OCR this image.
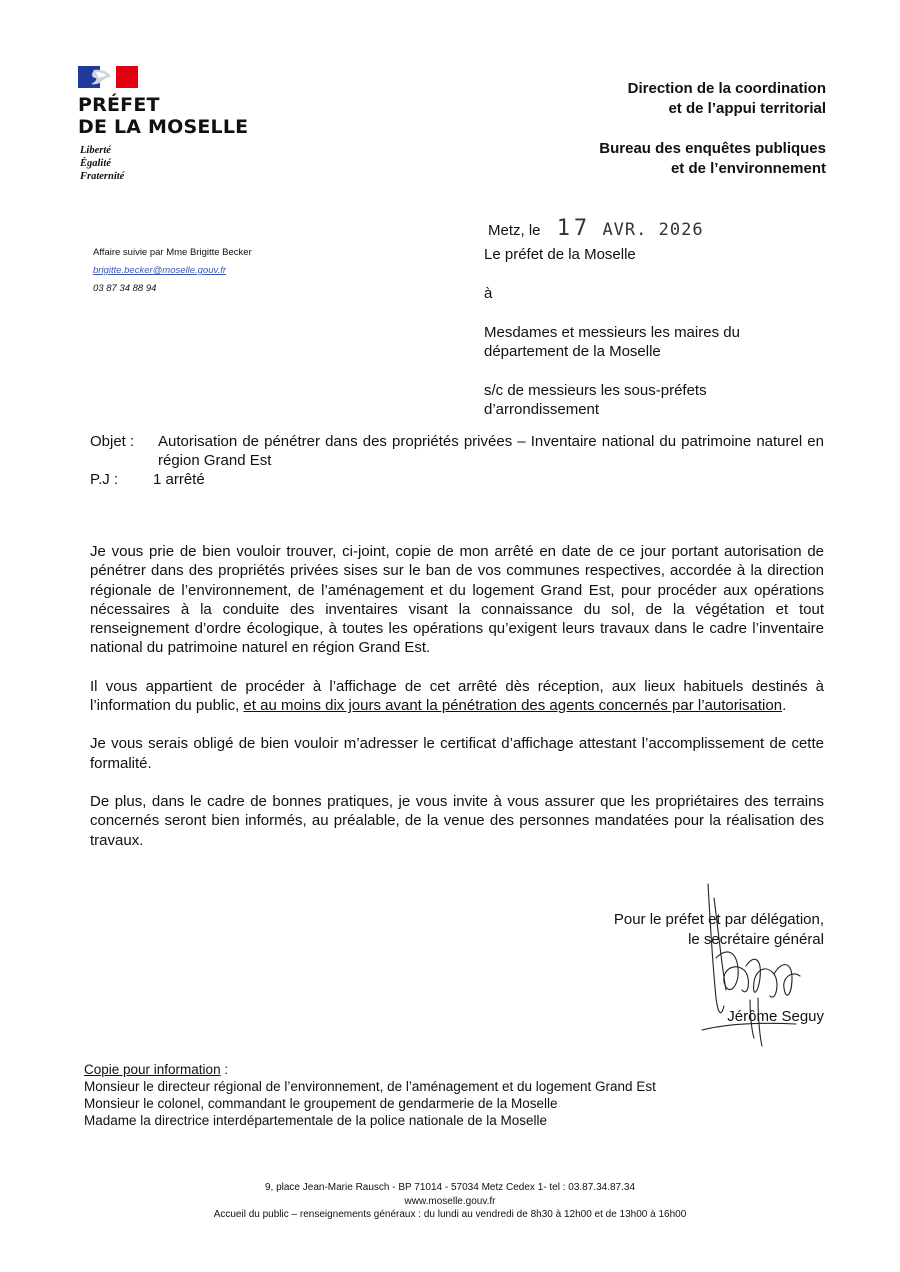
PRÉFET
DE LA MOSELLE
Liberté
Égalité
Fraternité
Direction de la coordination
et de l’appui territorial
Bureau des enquêtes publiques
et de l’environnement
Affaire suivie par Mme Brigitte Becker
brigitte.becker@moselle.gouv.fr
03 87 34 88 94
Metz, le 17 AVR. 2026

Le préfet de la Moselle

à

Mesdames et messieurs les maires du

département de la Moselle

s/c de messieurs les sous-préfets

d’arrondissement

Objet :	Autorisation de pénétrer dans des propriétés privées – Inventaire national du patrimoine naturel en région Grand Est
P.J :	1 arrêté

Je vous prie de bien vouloir trouver, ci-joint, copie de mon arrêté en date de ce jour portant autorisation de pénétrer dans des propriétés privées sises sur le ban de vos communes respectives, accordée à la direction régionale de l’environnement, de l’aménagement et du logement Grand Est, pour procéder aux opérations nécessaires à la conduite des inventaires visant la connaissance du sol, de la végétation et tout renseignement d’ordre écologique, à toutes les opérations qu’exigent leurs travaux dans le cadre l’inventaire national du patrimoine naturel en région Grand Est.

Il vous appartient de procéder à l’affichage de cet arrêté dès réception, aux lieux habituels destinés à l’information du public, et au moins dix jours avant la pénétration des agents concernés par l’autorisation.

Je vous serais obligé de bien vouloir m’adresser le certificat d’affichage attestant l’accomplissement de cette formalité.

De plus, dans le cadre de bonnes pratiques, je vous invite à vous assurer que les propriétaires des terrains concernés seront bien informés, au préalable, de la venue des personnes mandatées pour la réalisation des travaux.

Pour le préfet et par délégation,
le secrétaire général
Jérôme Seguy
Copie pour information :
Monsieur le directeur régional de l’environnement, de l’aménagement et du logement Grand Est
Monsieur le colonel, commandant le groupement de gendarmerie de la Moselle
Madame la directrice interdépartementale de la police nationale de la Moselle
9, place Jean-Marie Rausch - BP 71014 - 57034 Metz Cedex 1- tel : 03.87.34.87.34
www.moselle.gouv.fr
Accueil du public – renseignements généraux : du lundi au vendredi de 8h30 à 12h00 et de 13h00 à 16h00
